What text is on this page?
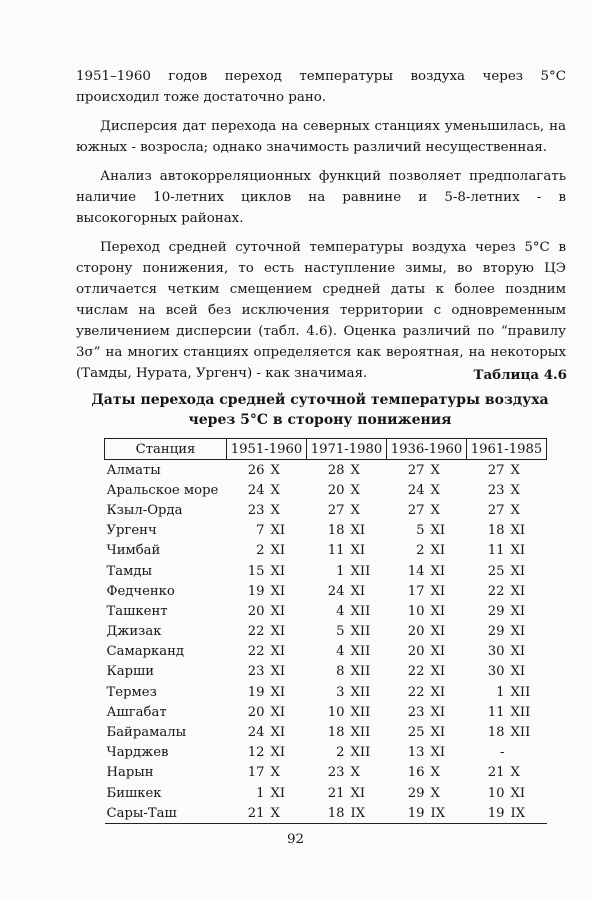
1951–1960 годов переход температуры воздуха через 5°С происходил тоже достаточно рано.

Дисперсия дат перехода на северных станциях уменьшилась, на южных - возросла; однако значимость различий несущественная.

Анализ автокорреляционных функций позволяет предполагать наличие 10-летних циклов на равнине и 5-8-летних - в высокогорных районах.

Переход средней суточной температуры воздуха через 5°С в сторону понижения, то есть наступление зимы, во вторую ЦЭ отличается четким смещением средней даты к более поздним числам на всей без исключения территории с одновременным увеличением дисперсии (табл. 4.6). Оценка различий по “правилу 3σ” на многих станциях определяется как вероятная, на некоторых (Тамды, Нурата, Ургенч) - как значимая.	Таблица 4.6
Даты перехода средней суточной температуры воздуха
через 5°С в сторону понижения
Станция	1951-1960		1971-1980		1936-1960		1961-1985	
Алматы	26	X	28	X	27	X	27	X
Аральское море	24	X	20	X	24	X	23	X
Кзыл-Орда	23	X	27	X	27	X	27	X
Ургенч	7	XI	18	XI	5	XI	18	XI
Чимбай	2	XI	11	XI	2	XI	11	XI
Тамды	15	XI	1	XII	14	XI	25	XI
Федченко	19	XI	24	XI	17	XI	22	XI
Ташкент	20	XI	4	XII	10	XI	29	XI
Джизак	22	XI	5	XII	20	XI	29	XI
Самарканд	22	XI	4	XII	20	XI	30	XI
Карши	23	XI	8	XII	22	XI	30	XI
Термез	19	XI	3	XII	22	XI	1	XII
Ашгабат	20	XI	10	XII	23	XI	11	XII
Байрамалы	24	XI	18	XII	25	XI	18	XII
Чарджев	12	XI	2	XII	13	XI	-	
Нарын	17	X	23	X	16	X	21	X
Бишкек	1	XI	21	XI	29	X	10	XI
Сары-Таш	21	X	18	IX	19	IX	19	IX
92
